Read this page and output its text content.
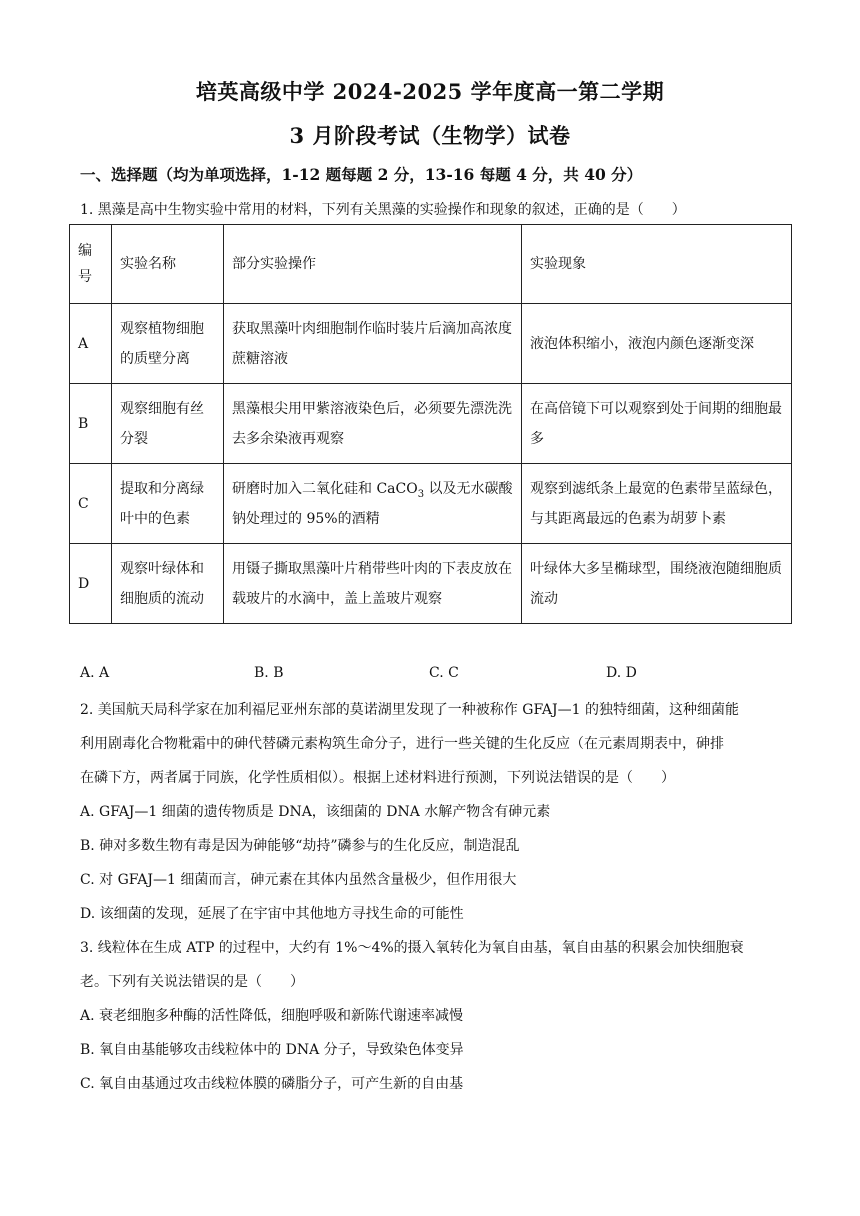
培英高级中学 2024-2025 学年度高一第二学期
3 月阶段考试（生物学）试卷
一、选择题（均为单项选择，1-12 题每题 2 分，13-16 每题 4 分，共 40 分）
1. 黑藻是高中生物实验中常用的材料，下列有关黑藻的实验操作和现象的叙述，正确的是（　　）
编号	实验名称	部分实验操作	实验现象
A	观察植物细胞的质壁分离	获取黑藻叶肉细胞制作临时装片后滴加高浓度蔗糖溶液	液泡体积缩小，液泡内颜色逐渐变深
B	观察细胞有丝分裂	黑藻根尖用甲紫溶液染色后，必须要先漂洗洗去多余染液再观察	在高倍镜下可以观察到处于间期的细胞最多
C	提取和分离绿叶中的色素	研磨时加入二氧化硅和 CaCO$_3$ 以及无水碳酸钠处理过的 95%的酒精	观察到滤纸条上最宽的色素带呈蓝绿色，与其距离最远的色素为胡萝卜素
D	观察叶绿体和细胞质的流动	用镊子撕取黑藻叶片稍带些叶肉的下表皮放在载玻片的水滴中，盖上盖玻片观察	叶绿体大多呈椭球型，围绕液泡随细胞质流动
A. A	B. B	C. C	D. D
2. 美国航天局科学家在加利福尼亚州东部的莫诺湖里发现了一种被称作 GFAJ—1 的独特细菌，这种细菌能
利用剧毒化合物粃霜中的砷代替磷元素构筑生命分子，进行一些关键的生化反应（在元素周期表中，砷排
在磷下方，两者属于同族，化学性质相似）。根据上述材料进行预测，下列说法错误的是（　　）
A. GFAJ—1 细菌的遗传物质是 DNA，该细菌的 DNA 水解产物含有砷元素
B. 砷对多数生物有毒是因为砷能够“劫持”磷参与的生化反应，制造混乱
C. 对 GFAJ—1 细菌而言，砷元素在其体内虽然含量极少，但作用很大
D. 该细菌的发现，延展了在宇宙中其他地方寻找生命的可能性
3. 线粒体在生成 ATP 的过程中，大约有 1%～4%的摄入氧转化为氧自由基，氧自由基的积累会加快细胞衰
老。下列有关说法错误的是（　　）
A. 衰老细胞多种酶的活性降低，细胞呼吸和新陈代谢速率减慢
B. 氧自由基能够攻击线粒体中的 DNA 分子，导致染色体变异
C. 氧自由基通过攻击线粒体膜的磷脂分子，可产生新的自由基
